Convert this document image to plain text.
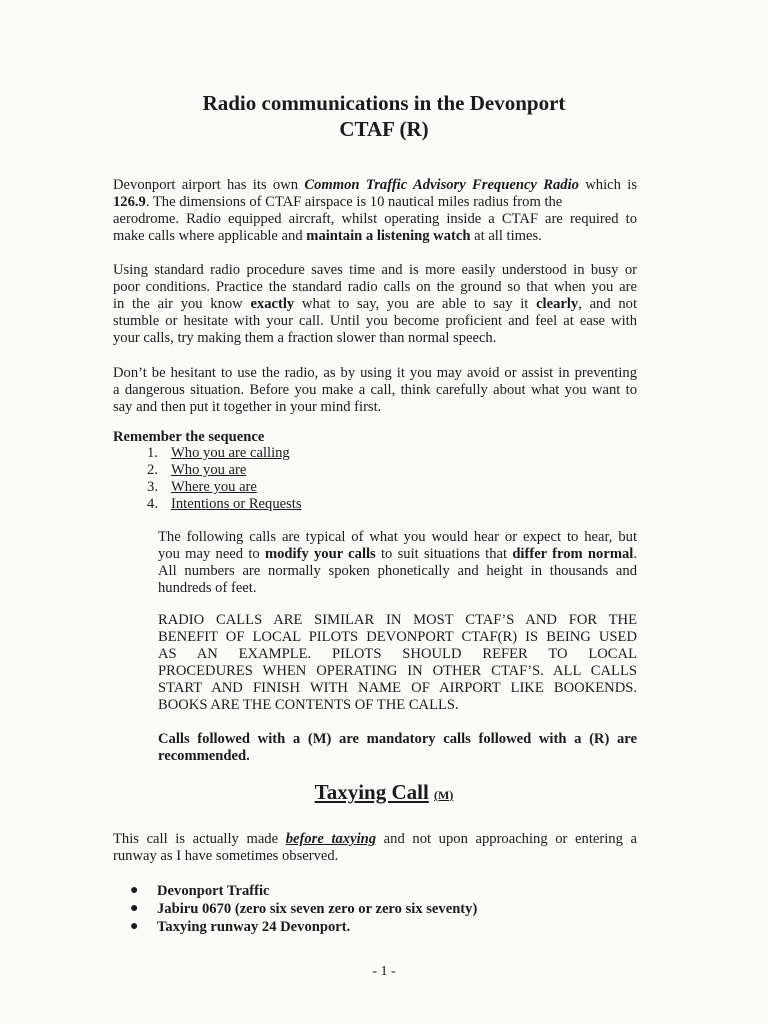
Radio communications in the Devonport
CTAF (R)
Devonport airport has its own Common Traffic Advisory Frequency Radio which is
126.9. The dimensions of CTAF airspace is 10 nautical miles radius from the
aerodrome. Radio equipped aircraft, whilst operating inside a CTAF are required to
make calls where applicable and maintain a listening watch at all times.
Using standard radio procedure saves time and is more easily understood in busy or
poor conditions. Practice the standard radio calls on the ground so that when you are
in the air you know exactly what to say, you are able to say it clearly, and not
stumble or hesitate with your call. Until you become proficient and feel at ease with
your calls, try making them a fraction slower than normal speech.
Don’t be hesitant to use the radio, as by using it you may avoid or assist in preventing
a dangerous situation. Before you make a call, think carefully about what you want to
say and then put it together in your mind first.
Remember the sequence
1. Who you are calling
2. Who you are
3. Where you are
4. Intentions or Requests
The following calls are typical of what you would hear or expect to hear, but
you may need to modify your calls to suit situations that differ from normal.
All numbers are normally spoken phonetically and height in thousands and
hundreds of feet.
RADIO CALLS ARE SIMILAR IN MOST CTAF’S AND FOR THE
BENEFIT OF LOCAL PILOTS DEVONPORT CTAF(R) IS BEING USED
AS AN EXAMPLE. PILOTS SHOULD REFER TO LOCAL
PROCEDURES WHEN OPERATING IN OTHER CTAF’S. ALL CALLS
START AND FINISH WITH NAME OF AIRPORT LIKE BOOKENDS.
BOOKS ARE THE CONTENTS OF THE CALLS.
Calls followed with a (M) are mandatory calls followed with a (R) are
recommended.
Taxying Call (M)
This call is actually made before taxying and not upon approaching or entering a
runway as I have sometimes observed.
●	Devonport Traffic
●	Jabiru 0670 (zero six seven zero or zero six seventy)
●	Taxying runway 24 Devonport.
- 1 -
